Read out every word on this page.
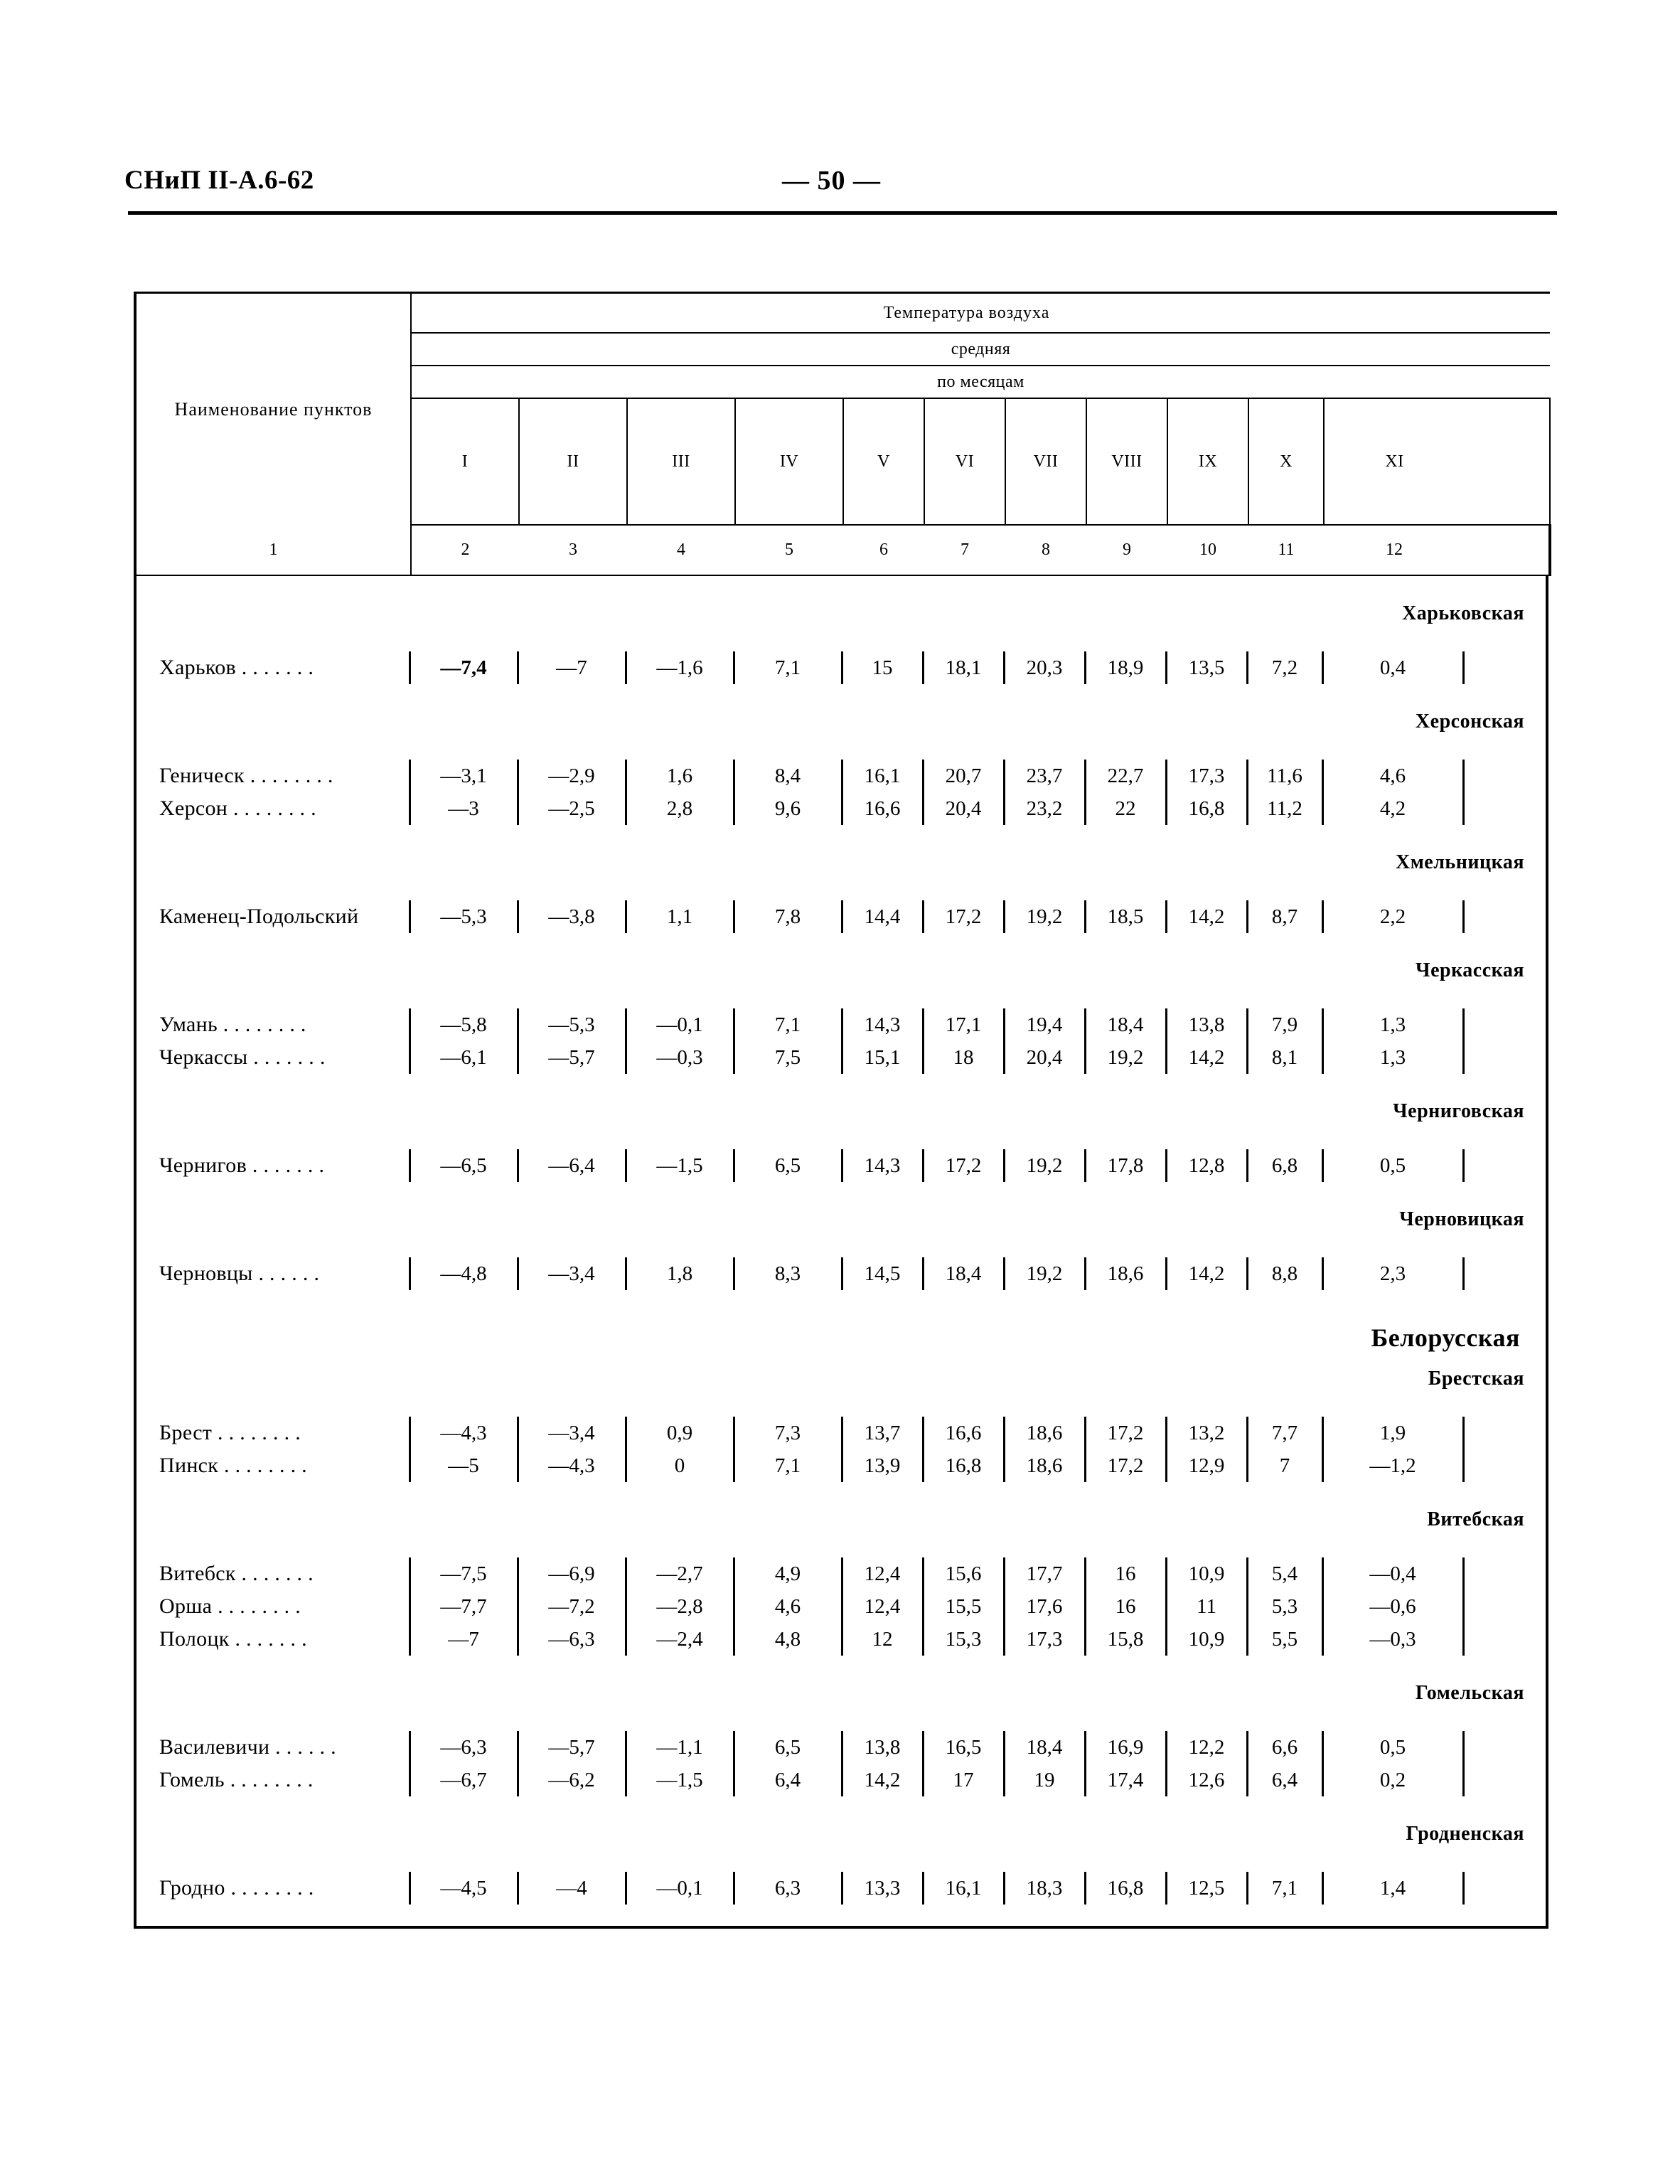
СНиП II-А.6-62	— 50 —
Наименование пунктов	Температура воздуха											
	средняя											
	по месяцам											
	I	II	III	IV	V	VI	VII	VIII	IX	X	XI	
1	2	3	4	5	6	7	8	9	10	11	12	

Харьковская												

Харьков . . . . . . .	—7,4	—7	—1,6	7,1	15	18,1	20,3	18,9	13,5	7,2	0,4	

Херсонская												

Геническ . . . . . . . .	—3,1	—2,9	1,6	8,4	16,1	20,7	23,7	22,7	17,3	11,6	4,6	
Херсон . . . . . . . .	—3	—2,5	2,8	9,6	16,6	20,4	23,2	22	16,8	11,2	4,2	

Хмельницкая												

Каменец-Подольский	—5,3	—3,8	1,1	7,8	14,4	17,2	19,2	18,5	14,2	8,7	2,2	

Черкасская												

Умань . . . . . . . .	—5,8	—5,3	—0,1	7,1	14,3	17,1	19,4	18,4	13,8	7,9	1,3	
Черкассы . . . . . . .	—6,1	—5,7	—0,3	7,5	15,1	18	20,4	19,2	14,2	8,1	1,3	

Черниговская												

Чернигов . . . . . . .	—6,5	—6,4	—1,5	6,5	14,3	17,2	19,2	17,8	12,8	6,8	0,5	

Черновицкая												

Черновцы . . . . . .	—4,8	—3,4	1,8	8,3	14,5	18,4	19,2	18,6	14,2	8,8	2,3	

Белорусская												

Брестская												

Брест . . . . . . . .	—4,3	—3,4	0,9	7,3	13,7	16,6	18,6	17,2	13,2	7,7	1,9	
Пинск . . . . . . . .	—5	—4,3	0	7,1	13,9	16,8	18,6	17,2	12,9	7	—1,2	

Витебская												

Витебск . . . . . . .	—7,5	—6,9	—2,7	4,9	12,4	15,6	17,7	16	10,9	5,4	—0,4	
Орша . . . . . . . .	—7,7	—7,2	—2,8	4,6	12,4	15,5	17,6	16	11	5,3	—0,6	
Полоцк . . . . . . .	—7	—6,3	—2,4	4,8	12	15,3	17,3	15,8	10,9	5,5	—0,3	

Гомельская												

Василевичи . . . . . .	—6,3	—5,7	—1,1	6,5	13,8	16,5	18,4	16,9	12,2	6,6	0,5	
Гомель . . . . . . . .	—6,7	—6,2	—1,5	6,4	14,2	17	19	17,4	12,6	6,4	0,2	

Гродненская												

Гродно . . . . . . . .	—4,5	—4	—0,1	6,3	13,3	16,1	18,3	16,8	12,5	7,1	1,4	
